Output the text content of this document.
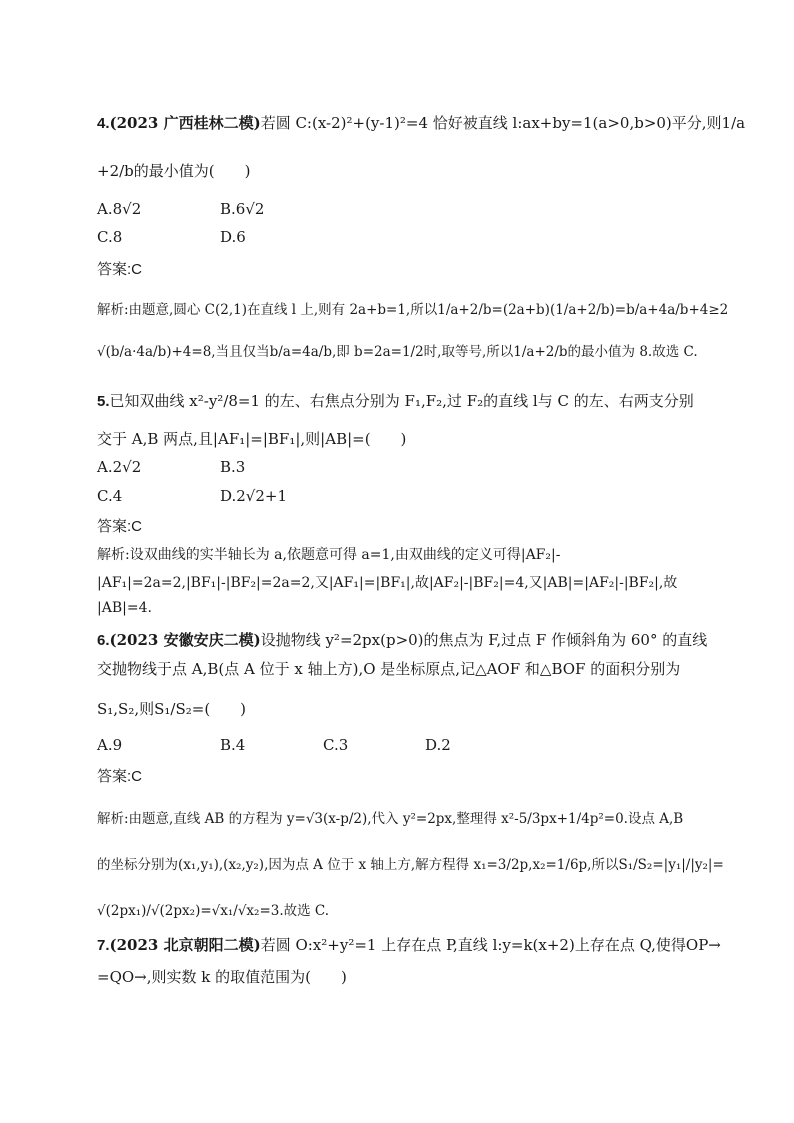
4.(2023 广西桂林二模)若圆 C:(x-2)²+(y-1)²=4 恰好被直线 l:ax+by=1(a>0,b>0)平分,则1/a
+2/b的最小值为(　　)
A.8√2	B.6√2
C.8	D.6
答案:C
解析:由题意,圆心 C(2,1)在直线 l 上,则有 2a+b=1,所以1/a+2/b=(2a+b)(1/a+2/b)=b/a+4a/b+4≥2
√(b/a·4a/b)+4=8,当且仅当b/a=4a/b,即 b=2a=1/2时,取等号,所以1/a+2/b的最小值为 8.故选 C.
5.已知双曲线 x²-y²/8=1 的左、右焦点分别为 F₁,F₂,过 F₂的直线 l与 C 的左、右两支分别
交于 A,B 两点,且|AF₁|=|BF₁|,则|AB|=(　　)
A.2√2	B.3
C.4	D.2√2+1
答案:C
解析:设双曲线的实半轴长为 a,依题意可得 a=1,由双曲线的定义可得|AF₂|-
|AF₁|=2a=2,|BF₁|-|BF₂|=2a=2,又|AF₁|=|BF₁|,故|AF₂|-|BF₂|=4,又|AB|=|AF₂|-|BF₂|,故
|AB|=4.
6.(2023 安徽安庆二模)设抛物线 y²=2px(p>0)的焦点为 F,过点 F 作倾斜角为 60° 的直线
交抛物线于点 A,B(点 A 位于 x 轴上方),O 是坐标原点,记△AOF 和△BOF 的面积分别为
S₁,S₂,则S₁/S₂=(　　)
A.9	B.4	C.3	D.2
答案:C
解析:由题意,直线 AB 的方程为 y=√3(x-p/2),代入 y²=2px,整理得 x²-5/3px+1/4p²=0.设点 A,B
的坐标分别为(x₁,y₁),(x₂,y₂),因为点 A 位于 x 轴上方,解方程得 x₁=3/2p,x₂=1/6p,所以S₁/S₂=|y₁|/|y₂|=
√(2px₁)/√(2px₂)=√x₁/√x₂=3.故选 C.
7.(2023 北京朝阳二模)若圆 O:x²+y²=1 上存在点 P,直线 l:y=k(x+2)上存在点 Q,使得OP→
=QO→,则实数 k 的取值范围为(　　)
